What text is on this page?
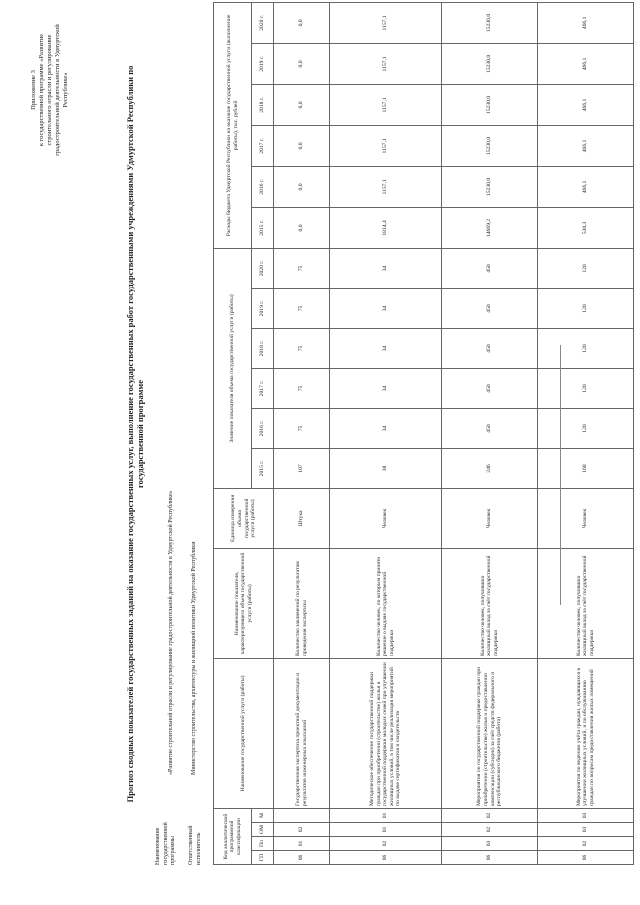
Приложение 3 к государственной программе «Развитие строительного отрасли и регулирование градостроительной деятельности в Удмуртской Республике»	Прогноз сводных показателей государственных заданий на оказание государственных услуг, выполнение государственных работ государственными учреждениями Удмуртской Республики по государственной программе
Наименование государственной программы
«Развитие строительной отрасли и регулирование градостроительной деятельности в Удмуртской Республике»
Ответственный исполнитель
Министерство строительства, архитектуры и жилищной политики Удмуртской Республики
Код аналитической программной классификации				Наименование государственной услуги (работы)	Наименование показателя, характеризующего объем государственной услуги (работы)	Единица измерения объема государственной услуги (работы)	Значение показателя объема государственной услуги (работы)						Расходы бюджета Удмуртской Республики на оказание государственной услуги (выполнение работы), тыс. рублей					
ГП	Пп	ОМ	М				2015 г.	2016 г.	2017 г.	2018 г.	2019 г.	2020 г.	2015 г.	2016 г.	2017 г.	2018 г.	2019 г.	2020 г.
06	01	02		Государственная экспертиза проектной документации и результатов инженерных изысканий	Количество заключений по результатам проведения экспертизы	Штука	107	75	75	75	75	75	0,0	0,0	0,0	0,0	0,0	0,0
06	02	01	01	Методическое обеспечение государственной поддержки граждан при приобретении (строительстве) жилья и государственной поддержки молодых семей при улучшении жилищных условий, в том числе реализация мероприятий по выдаче сертификатов и свидетельств	Количество человек, по которым принято решение о выдаче государственной поддержки	Человек	38	34	34	34	34	34	1814,4	1157,1	1157,1	1157,1	1157,1	1157,1
06	03	02	02	Мероприятия по государственной поддержке граждан при приобретении (строительстве) жилья и предоставлении компенсации (субсидии) за счёт средств федерального и республиканского бюджетов (работа)	Количество человек, получивших жилищный вклад за счёт государственной поддержки	Человек	246	450	450	450	450	450	14669,2	15230,0	15230,0	15230,0	15230,0	15230,0
06	02	03	03	Мероприятия по ведению учёта граждан, нуждающихся в улучшении жилищных условий, и по обслуживанию граждан по вопросам предоставления жилых помещений	Количество человек, получивших жилищный вклад за счёт государственной поддержки	Человек	168	120	120	120	120	120	530,3	466,1	466,1	466,1	466,1	466,1
